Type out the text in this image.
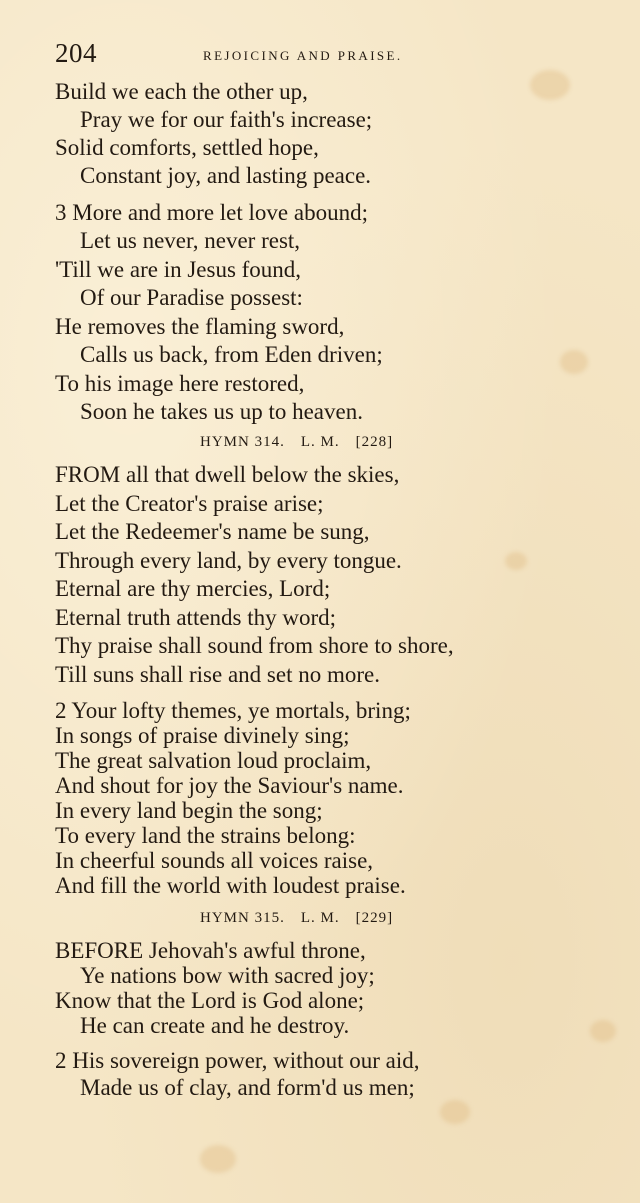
204	REJOICING AND PRAISE.
Build we each the other up,
Pray we for our faith's increase;
Solid comforts, settled hope,
Constant joy, and lasting peace.
3 More and more let love abound;
Let us never, never rest,
'Till we are in Jesus found,
Of our Paradise possest:
He removes the flaming sword,
Calls us back, from Eden driven;
To his image here restored,
Soon he takes us up to heaven.
HYMN 314. L. M. [228]
FROM all that dwell below the skies,
Let the Creator's praise arise;
Let the Redeemer's name be sung,
Through every land, by every tongue.
Eternal are thy mercies, Lord;
Eternal truth attends thy word;
Thy praise shall sound from shore to shore,
Till suns shall rise and set no more.
2 Your lofty themes, ye mortals, bring;
In songs of praise divinely sing;
The great salvation loud proclaim,
And shout for joy the Saviour's name.
In every land begin the song;
To every land the strains belong:
In cheerful sounds all voices raise,
And fill the world with loudest praise.
HYMN 315. L. M. [229]
BEFORE Jehovah's awful throne,
Ye nations bow with sacred joy;
Know that the Lord is God alone;
He can create and he destroy.
2 His sovereign power, without our aid,
Made us of clay, and form'd us men;
